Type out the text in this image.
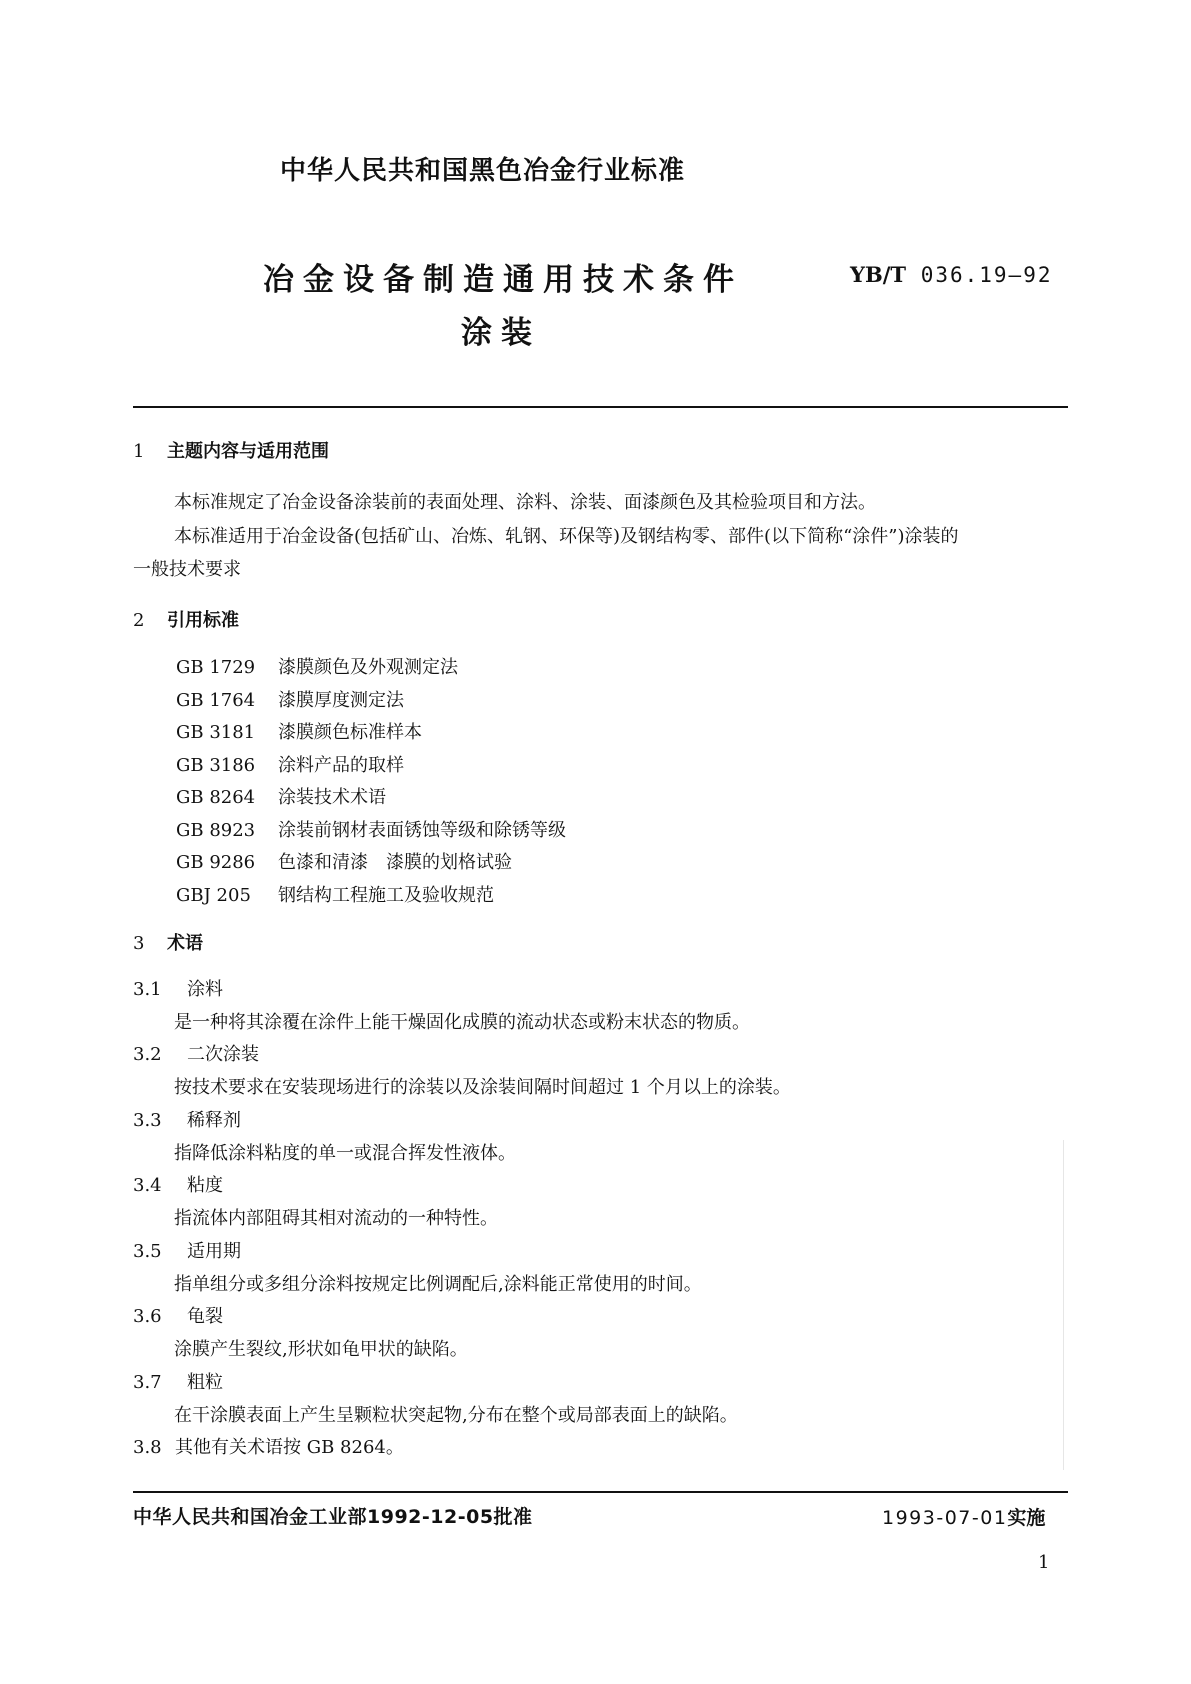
中华人民共和国黑色冶金行业标准
冶金设备制造通用技术条件
涂装
YB/T 036.19—92
1 主题内容与适用范围
本标准规定了冶金设备涂装前的表面处理、涂料、涂装、面漆颜色及其检验项目和方法。
本标准适用于冶金设备(包括矿山、冶炼、轧钢、环保等)及钢结构零、部件(以下简称“涂件”)涂装的
一般技术要求
2 引用标准
GB 1729 漆膜颜色及外观测定法
GB 1764 漆膜厚度测定法
GB 3181 漆膜颜色标准样本
GB 3186 涂料产品的取样
GB 8264 涂装技术术语
GB 8923 涂装前钢材表面锈蚀等级和除锈等级
GB 9286 色漆和清漆　漆膜的划格试验
GBJ 205 钢结构工程施工及验收规范
3 术语
3.1 涂料
是一种将其涂覆在涂件上能干燥固化成膜的流动状态或粉末状态的物质。
3.2 二次涂装
按技术要求在安装现场进行的涂装以及涂装间隔时间超过 1 个月以上的涂装。
3.3 稀释剂
指降低涂料粘度的单一或混合挥发性液体。
3.4 粘度
指流体内部阻碍其相对流动的一种特性。
3.5 适用期
指单组分或多组分涂料按规定比例调配后,涂料能正常使用的时间。
3.6 龟裂
涂膜产生裂纹,形状如龟甲状的缺陷。
3.7 粗粒
在干涂膜表面上产生呈颗粒状突起物,分布在整个或局部表面上的缺陷。
3.8 其他有关术语按 GB 8264。
中华人民共和国冶金工业部1992-12-05批准	1993-07-01实施
1
